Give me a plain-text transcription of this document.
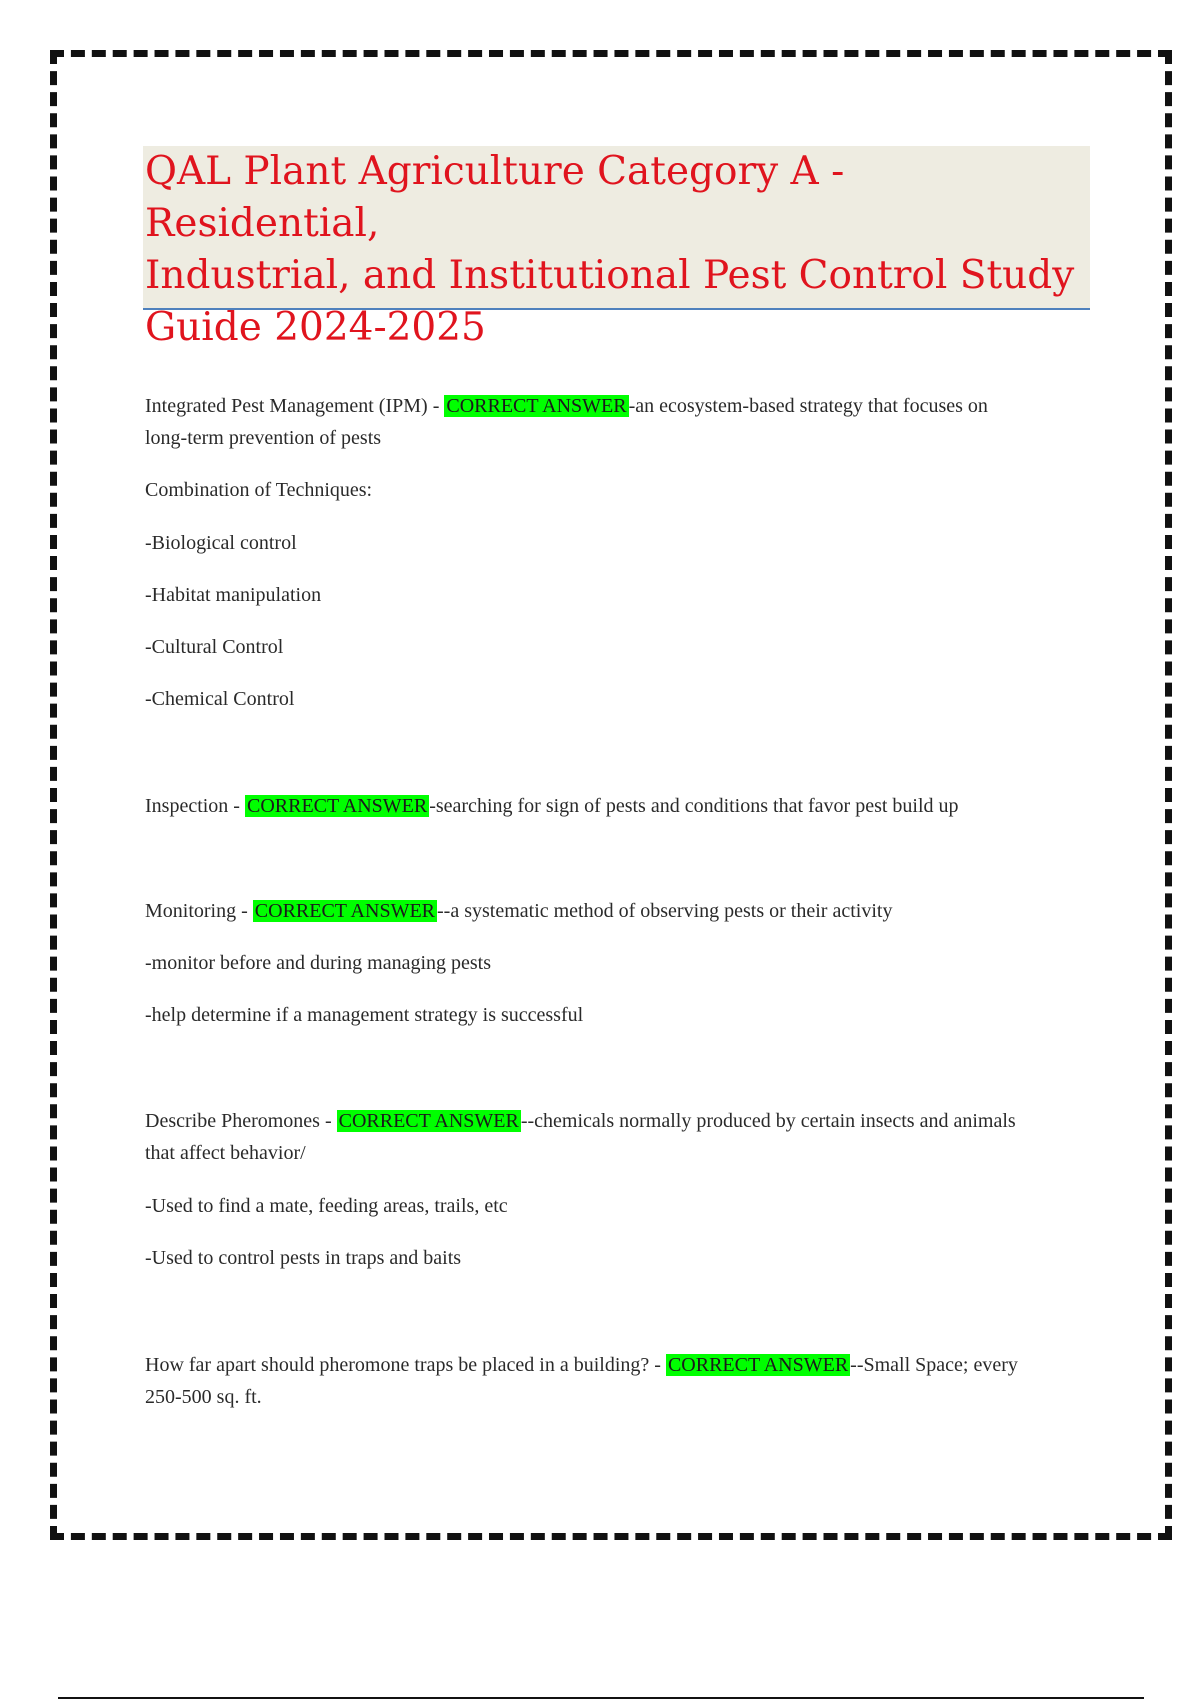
QAL Plant Agriculture Category A - Residential,
Industrial, and Institutional Pest Control Study
Guide 2024-2025
Integrated Pest Management (IPM) - CORRECT ANSWER -an ecosystem-based strategy that focuses on
long-term prevention of pests
Combination of Techniques:
-Biological control
-Habitat manipulation
-Cultural Control
-Chemical Control
Inspection - CORRECT ANSWER -searching for sign of pests and conditions that favor pest build up
Monitoring - CORRECT ANSWER --a systematic method of observing pests or their activity
-monitor before and during managing pests
-help determine if a management strategy is successful
Describe Pheromones - CORRECT ANSWER --chemicals normally produced by certain insects and animals
that affect behavior/
-Used to find a mate, feeding areas, trails, etc
-Used to control pests in traps and baits
How far apart should pheromone traps be placed in a building? - CORRECT ANSWER --Small Space; every
250-500 sq. ft.
